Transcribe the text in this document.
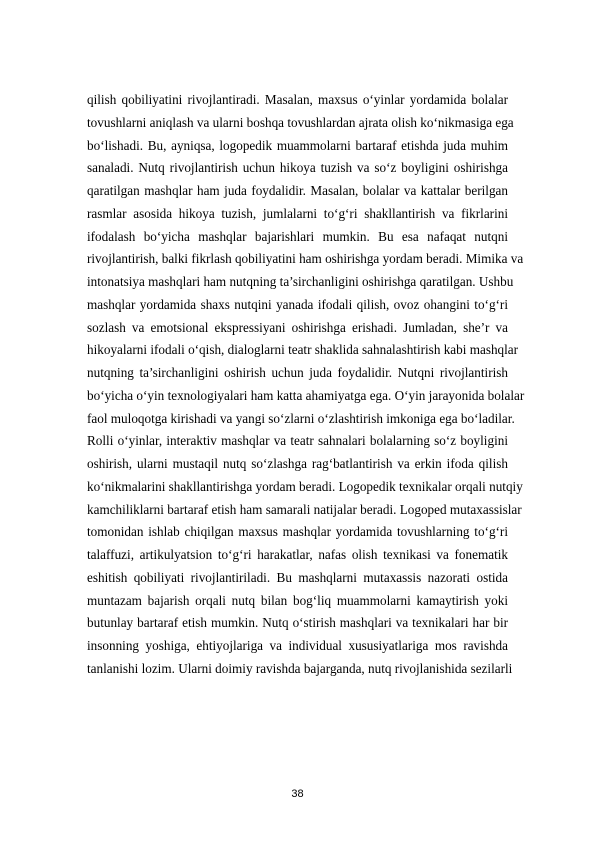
qilish qobiliyatini rivojlantiradi. Masalan, maxsus o‘yinlar yordamida bolalar
tovushlarni aniqlash va ularni boshqa tovushlardan ajrata olish ko‘nikmasiga ega
bo‘lishadi. Bu, ayniqsa, logopedik muammolarni bartaraf etishda juda muhim
sanaladi. Nutq rivojlantirish uchun hikoya tuzish va so‘z boyligini oshirishga
qaratilgan mashqlar ham juda foydalidir. Masalan, bolalar va kattalar berilgan
rasmlar asosida hikoya tuzish, jumlalarni to‘g‘ri shakllantirish va fikrlarini
ifodalash bo‘yicha mashqlar bajarishlari mumkin. Bu esa nafaqat nutqni
rivojlantirish, balki fikrlash qobiliyatini ham oshirishga yordam beradi. Mimika va
intonatsiya mashqlari ham nutqning ta’sirchanligini oshirishga qaratilgan. Ushbu
mashqlar yordamida shaxs nutqini yanada ifodali qilish, ovoz ohangini to‘g‘ri
sozlash va emotsional ekspressiyani oshirishga erishadi. Jumladan, she’r va
hikoyalarni ifodali o‘qish, dialoglarni teatr shaklida sahnalashtirish kabi mashqlar
nutqning ta’sirchanligini oshirish uchun juda foydalidir. Nutqni rivojlantirish
bo‘yicha o‘yin texnologiyalari ham katta ahamiyatga ega. O‘yin jarayonida bolalar
faol muloqotga kirishadi va yangi so‘zlarni o‘zlashtirish imkoniga ega bo‘ladilar.
Rolli o‘yinlar, interaktiv mashqlar va teatr sahnalari bolalarning so‘z boyligini
oshirish, ularni mustaqil nutq so‘zlashga rag‘batlantirish va erkin ifoda qilish
ko‘nikmalarini shakllantirishga yordam beradi. Logopedik texnikalar orqali nutqiy
kamchiliklarni bartaraf etish ham samarali natijalar beradi. Logoped mutaxassislar
tomonidan ishlab chiqilgan maxsus mashqlar yordamida tovushlarning to‘g‘ri
talaffuzi, artikulyatsion to‘g‘ri harakatlar, nafas olish texnikasi va fonematik
eshitish qobiliyati rivojlantiriladi. Bu mashqlarni mutaxassis nazorati ostida
muntazam bajarish orqali nutq bilan bog‘liq muammolarni kamaytirish yoki
butunlay bartaraf etish mumkin. Nutq o‘stirish mashqlari va texnikalari har bir
insonning yoshiga, ehtiyojlariga va individual xususiyatlariga mos ravishda
tanlanishi lozim. Ularni doimiy ravishda bajarganda, nutq rivojlanishida sezilarli
38
